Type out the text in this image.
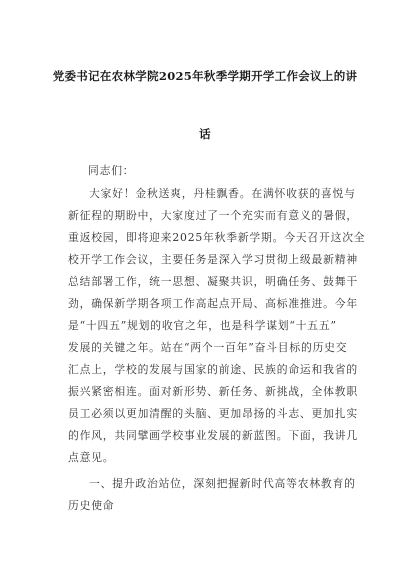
党委书记在农林学院2025年秋季学期开学工作会议上的讲
话
同志们：
大家好！金秋送爽，丹桂飘香。在满怀收获的喜悦与
新征程的期盼中，大家度过了一个充实而有意义的暑假，
重返校园，即将迎来2025年秋季新学期。今天召开这次全
校开学工作会议，主要任务是深入学习贯彻上级最新精神
总结部署工作，统一思想、凝聚共识，明确任务、鼓舞干
劲，确保新学期各项工作高起点开局、高标准推进。今年
是“十四五”规划的收官之年，也是科学谋划“十五五”
发展的关键之年。站在“两个一百年”奋斗目标的历史交
汇点上，学校的发展与国家的前途、民族的命运和我省的
振兴紧密相连。面对新形势、新任务、新挑战，全体教职
员工必须以更加清醒的头脑、更加昂扬的斗志、更加扎实
的作风，共同擘画学校事业发展的新蓝图。下面，我讲几
点意见。
一、提升政治站位，深刻把握新时代高等农林教育的
历史使命
